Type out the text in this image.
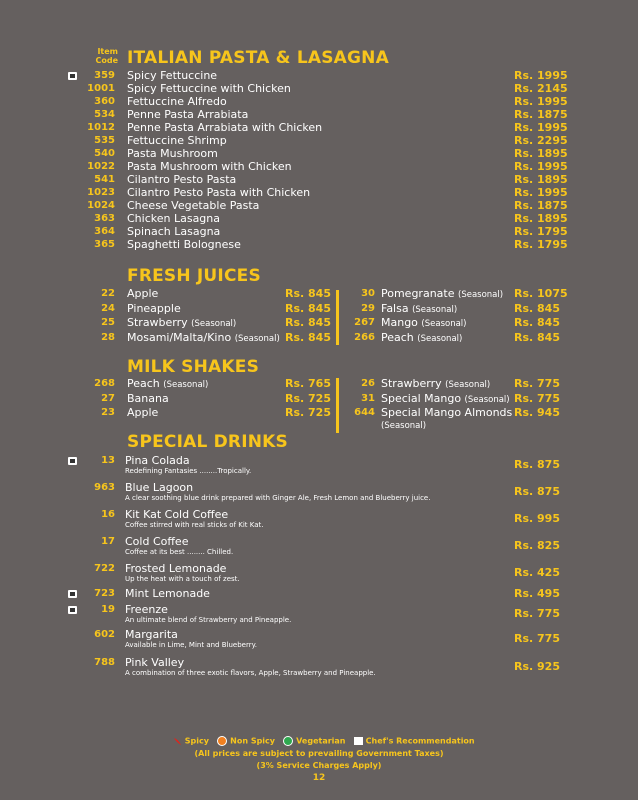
Item
Code ITALIAN PASTA & LASAGNA
359 Spicy Fettuccine	Rs. 1995
1001 Spicy Fettuccine with Chicken	Rs. 2145
360 Fettuccine Alfredo	Rs. 1995
534 Penne Pasta Arrabiata	Rs. 1875
1012 Penne Pasta Arrabiata with Chicken	Rs. 1995
535 Fettuccine Shrimp	Rs. 2295
540 Pasta Mushroom	Rs. 1895
1022 Pasta Mushroom with Chicken	Rs. 1995
541 Cilantro Pesto Pasta	Rs. 1895
1023 Cilantro Pesto Pasta with Chicken	Rs. 1995
1024 Cheese Vegetable Pasta	Rs. 1875
363 Chicken Lasagna	Rs. 1895
364 Spinach Lasagna	Rs. 1795
365 Spaghetti Bolognese	Rs. 1795
FRESH JUICES
22 Apple	Rs. 845
24 Pineapple	Rs. 845
25 Strawberry (Seasonal)	Rs. 845
28 Mosami/Malta/Kino (Seasonal) Rs. 845
30 Pomegranate (Seasonal) Rs. 1075
29 Falsa (Seasonal)	Rs. 845
267 Mango (Seasonal)	Rs. 845
266 Peach (Seasonal)	Rs. 845
MILK SHAKES
268 Peach (Seasonal)	Rs. 765
27 Banana	Rs. 725
23 Apple	Rs. 725
26 Strawberry (Seasonal) Rs. 775
31 Special Mango (Seasonal) Rs. 775
644 Special Mango Almonds
(Seasonal)
Rs. 945
SPECIAL DRINKS
13 Pina Colada	Rs. 875
Redefining Fantasies ........Tropically.
963 Blue Lagoon	Rs. 875
A clear soothing blue drink prepared with Ginger Ale, Fresh Lemon and Blueberry juice.
16 Kit Kat Cold Coffee	Rs. 995
Coffee stirred with real sticks of Kit Kat.
17 Cold Coffee	Rs. 825
Coffee at its best ........ Chilled.
722 Frosted Lemonade	Rs. 425
Up the heat with a touch of zest.
723 Mint Lemonade	Rs. 495
19 Freenze	Rs. 775
An ultimate blend of Strawberry and Pineapple.
602 Margarita	Rs. 775
Available in Lime, Mint and Blueberry.
788 Pink Valley	Rs. 925
A combination of three exotic flavors, Apple, Strawberry and Pineapple.
Spicy	Non Spicy	Vegetarian	Chef's Recommendation
(All prices are subject to prevailing Government Taxes)
(3% Service Charges Apply)
12
